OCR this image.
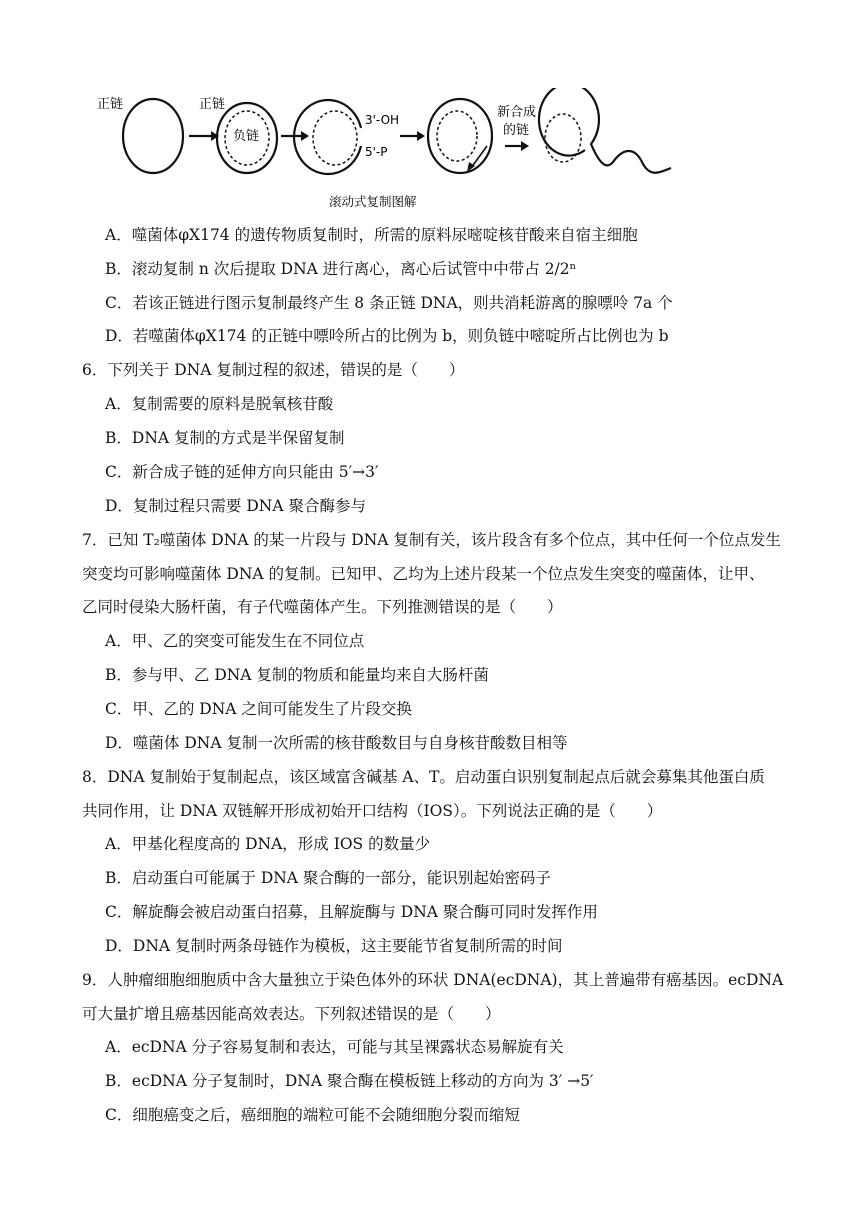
正链	正链
负链
3'-OH
5'-P
新合成
的链
滚动式复制图解
A．噬菌体φX174 的遗传物质复制时，所需的原料尿嘧啶核苷酸来自宿主细胞
B．滚动复制 n 次后提取 DNA 进行离心，离心后试管中中带占 2/2ⁿ
C．若该正链进行图示复制最终产生 8 条正链 DNA，则共消耗游离的腺嘌呤 7a 个
D．若噬菌体φX174 的正链中嘌呤所占的比例为 b，则负链中嘧啶所占比例也为 b
6．下列关于 DNA 复制过程的叙述，错误的是（　　）
A．复制需要的原料是脱氧核苷酸
B．DNA 复制的方式是半保留复制
C．新合成子链的延伸方向只能由 5′→3′
D．复制过程只需要 DNA 聚合酶参与
7．已知 T₂噬菌体 DNA 的某一片段与 DNA 复制有关，该片段含有多个位点，其中任何一个位点发生
突变均可影响噬菌体 DNA 的复制。已知甲、乙均为上述片段某一个位点发生突变的噬菌体，让甲、
乙同时侵染大肠杆菌，有子代噬菌体产生。下列推测错误的是（　　）
A．甲、乙的突变可能发生在不同位点
B．参与甲、乙 DNA 复制的物质和能量均来自大肠杆菌
C．甲、乙的 DNA 之间可能发生了片段交换
D．噬菌体 DNA 复制一次所需的核苷酸数目与自身核苷酸数目相等
8．DNA 复制始于复制起点，该区域富含碱基 A、T。启动蛋白识别复制起点后就会募集其他蛋白质
共同作用，让 DNA 双链解开形成初始开口结构（IOS）。下列说法正确的是（　　）
A．甲基化程度高的 DNA，形成 IOS 的数量少
B．启动蛋白可能属于 DNA 聚合酶的一部分，能识别起始密码子
C．解旋酶会被启动蛋白招募，且解旋酶与 DNA 聚合酶可同时发挥作用
D．DNA 复制时两条母链作为模板，这主要能节省复制所需的时间
9．人肿瘤细胞细胞质中含大量独立于染色体外的环状 DNA(ecDNA)，其上普遍带有癌基因。ecDNA
可大量扩增且癌基因能高效表达。下列叙述错误的是（　　）
A．ecDNA 分子容易复制和表达，可能与其呈裸露状态易解旋有关
B．ecDNA 分子复制时，DNA 聚合酶在模板链上移动的方向为 3′ →5′
C．细胞癌变之后，癌细胞的端粒可能不会随细胞分裂而缩短
